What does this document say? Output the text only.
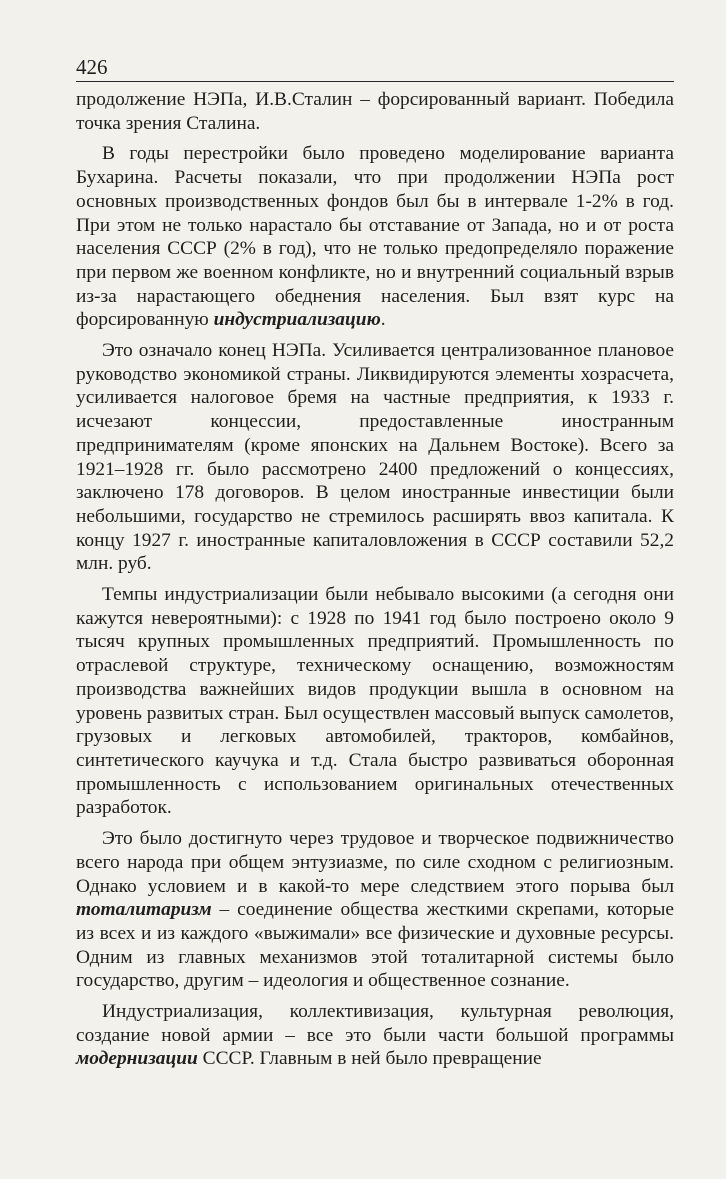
426

продолжение НЭПа, И.В.Сталин – форсированный вариант. Победила точка зрения Сталина.

В годы перестройки было проведено моделирование варианта Бухарина. Расчеты показали, что при продолжении НЭПа рост основных производственных фондов был бы в интервале 1-2% в год. При этом не только нарастало бы отставание от Запада, но и от роста населения СССР (2% в год), что не только предопределяло поражение при первом же военном конфликте, но и внутренний социальный взрыв из-за нарастающего обеднения населения. Был взят курс на форсированную индустриализацию.

Это означало конец НЭПа. Усиливается централизованное плановое руководство экономикой страны. Ликвидируются элементы хозрасчета, усиливается налоговое бремя на частные предприятия, к 1933 г. исчезают концессии, предоставленные иностранным предпринимателям (кроме японских на Дальнем Востоке). Всего за 1921–1928 гг. было рассмотрено 2400 предложений о концессиях, заключено 178 договоров. В целом иностранные инвестиции были небольшими, государство не стремилось расширять ввоз капитала. К концу 1927 г. иностранные капиталовложения в СССР составили 52,2 млн. руб.

Темпы индустриализации были небывало высокими (а сегодня они кажутся невероятными): с 1928 по 1941 год было построено около 9 тысяч крупных промышленных предприятий. Промышленность по отраслевой структуре, техническому оснащению, возможностям производства важнейших видов продукции вышла в основном на уровень развитых стран. Был осуществлен массовый выпуск самолетов, грузовых и легковых автомобилей, тракторов, комбайнов, синтетического каучука и т.д. Стала быстро развиваться оборонная промышленность с использованием оригинальных отечественных разработок.

Это было достигнуто через трудовое и творческое подвижничество всего народа при общем энтузиазме, по силе сходном с религиозным. Однако условием и в какой-то мере следствием этого порыва был тоталитаризм – соединение общества жесткими скрепами, которые из всех и из каждого «выжимали» все физические и духовные ресурсы. Одним из главных механизмов этой тоталитарной системы было государство, другим – идеология и общественное сознание.

Индустриализация, коллективизация, культурная революция, создание новой армии – все это были части большой программы модернизации СССР. Главным в ней было превращение
